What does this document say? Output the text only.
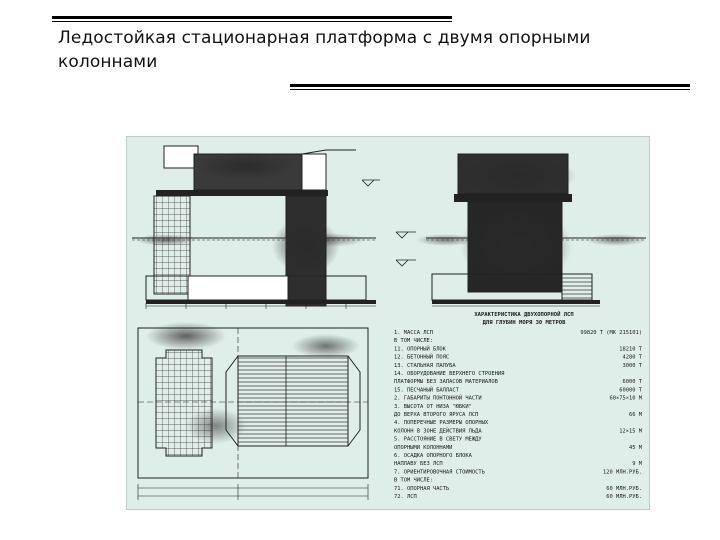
Ледостойкая стационарная платформа с двумя опорными
колоннами
ХАРАКТЕРИСТИКА ДВУХОПОРНОЙ ЛСП
ДЛЯ ГЛУБИН МОРЯ 30 МЕТРОВ
1. МАССА ЛСП	99820 Т (МК 215101)
В ТОМ ЧИСЛЕ:
11. ОПОРНЫЙ БЛОК	18210 Т
12. БЕТОННЫЙ ПОЯС	4280 Т
13. СТАЛЬНАЯ ПАЛУБА	3000 Т
14. ОБОРУДОВАНИЕ ВЕРХНЕГО СТРОЕНИЯ
ПЛАТФОРМЫ БЕЗ ЗАПАСОВ МАТЕРИАЛОВ	6000 Т
15. ПЕСЧАНЫЙ БАЛЛАСТ	60000 Т
2. ГАБАРИТЫ ПОНТОННОЙ ЧАСТИ	60×75×10 М
3. ВЫСОТА ОТ НИЗА "ЮБКИ"
ДО ВЕРХА ВТОРОГО ЯРУСА ЛСП	66 М
4. ПОПЕРЕЧНЫЕ РАЗМЕРЫ ОПОРНЫХ
КОЛОНН В ЗОНЕ ДЕЙСТВИЯ ЛЬДА	12×15 М
5. РАССТОЯНИЕ В СВЕТУ МЕЖДУ
ОПОРНЫМИ КОЛОННАМИ	45 М
6. ОСАДКА ОПОРНОГО БЛОКА
НАПЛАВУ БЕЗ ЛСП	9 М
7. ОРИЕНТИРОВОЧНАЯ СТОИМОСТЬ	120 МЛН.РУБ.
В ТОМ ЧИСЛЕ:
71. ОПОРНАЯ ЧАСТЬ	60 МЛН.РУБ.
72. ЛСП	60 МЛН.РУБ.
